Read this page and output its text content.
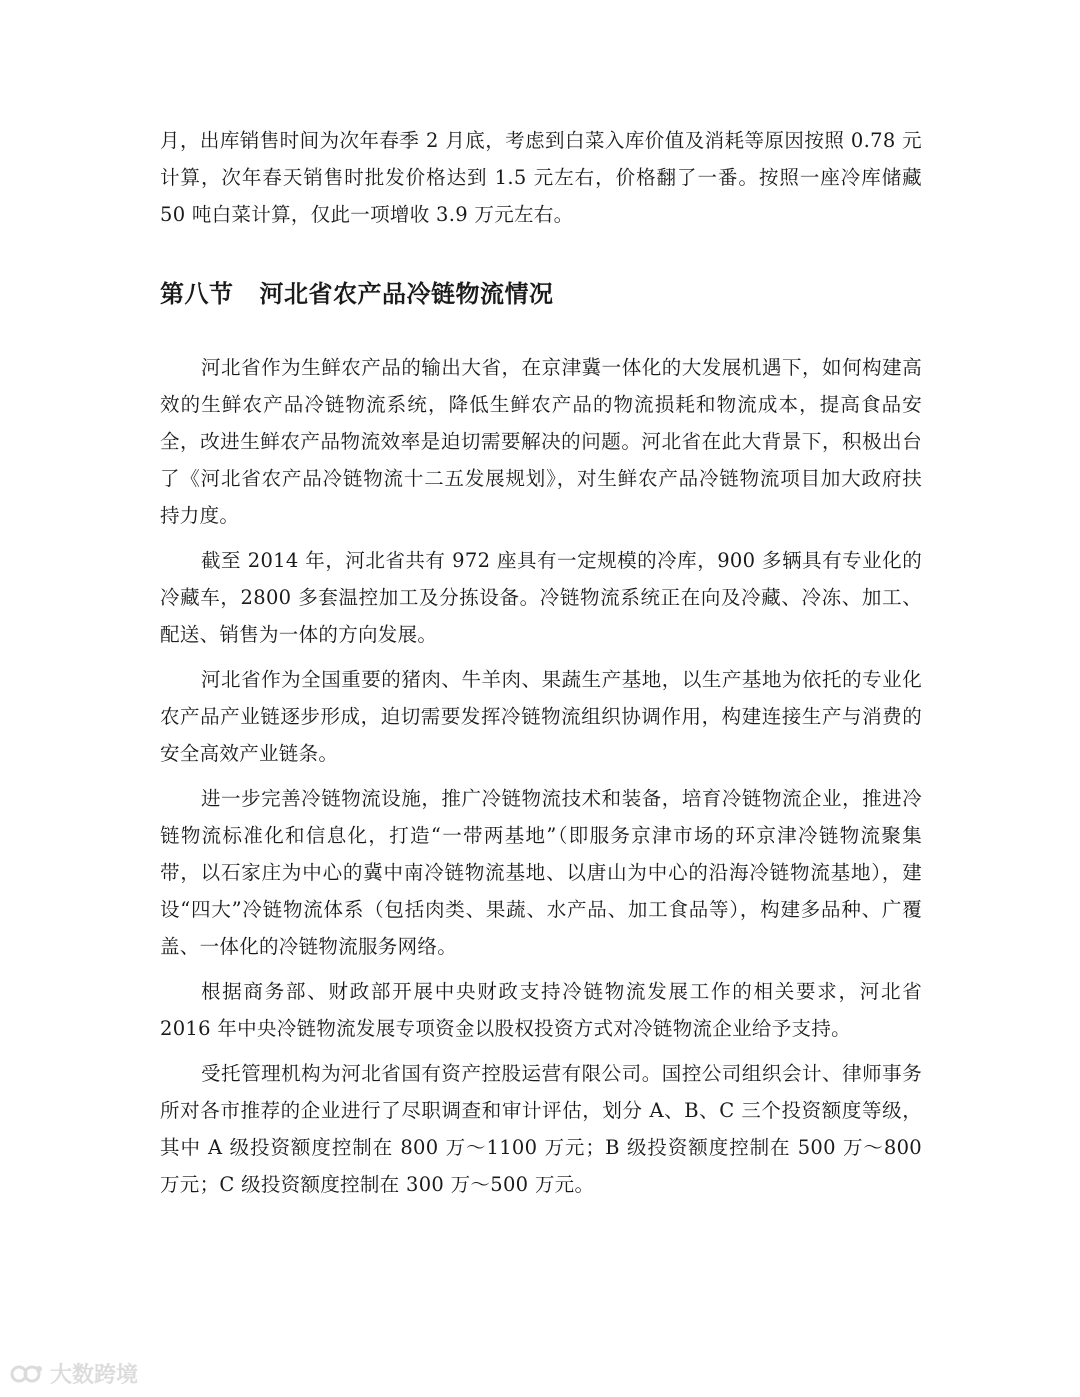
月，出库销售时间为次年春季 2 月底，考虑到白菜入库价值及消耗等原因按照 0.78 元计算，次年春天销售时批发价格达到 1.5 元左右，价格翻了一番。按照一座冷库储藏 50 吨白菜计算，仅此一项增收 3.9 万元左右。

第八节 河北省农产品冷链物流情况

河北省作为生鲜农产品的输出大省，在京津冀一体化的大发展机遇下，如何构建高效的生鲜农产品冷链物流系统，降低生鲜农产品的物流损耗和物流成本，提高食品安全，改进生鲜农产品物流效率是迫切需要解决的问题。河北省在此大背景下，积极出台了《河北省农产品冷链物流十二五发展规划》，对生鲜农产品冷链物流项目加大政府扶持力度。

截至 2014 年，河北省共有 972 座具有一定规模的冷库，900 多辆具有专业化的冷藏车，2800 多套温控加工及分拣设备。冷链物流系统正在向及冷藏、冷冻、加工、配送、销售为一体的方向发展。

河北省作为全国重要的猪肉、牛羊肉、果蔬生产基地，以生产基地为依托的专业化农产品产业链逐步形成，迫切需要发挥冷链物流组织协调作用，构建连接生产与消费的安全高效产业链条。

进一步完善冷链物流设施，推广冷链物流技术和装备，培育冷链物流企业，推进冷链物流标准化和信息化，打造“一带两基地”（即服务京津市场的环京津冷链物流聚集带，以石家庄为中心的冀中南冷链物流基地、以唐山为中心的沿海冷链物流基地），建设“四大”冷链物流体系（包括肉类、果蔬、水产品、加工食品等），构建多品种、广覆盖、一体化的冷链物流服务网络。

根据商务部、财政部开展中央财政支持冷链物流发展工作的相关要求，河北省 2016 年中央冷链物流发展专项资金以股权投资方式对冷链物流企业给予支持。

受托管理机构为河北省国有资产控股运营有限公司。国控公司组织会计、律师事务所对各市推荐的企业进行了尽职调查和审计评估，划分 A、B、C 三个投资额度等级，其中 A 级投资额度控制在 800 万～1100 万元；B 级投资额度控制在 500 万～800 万元；C 级投资额度控制在 300 万～500 万元。

大数跨境
